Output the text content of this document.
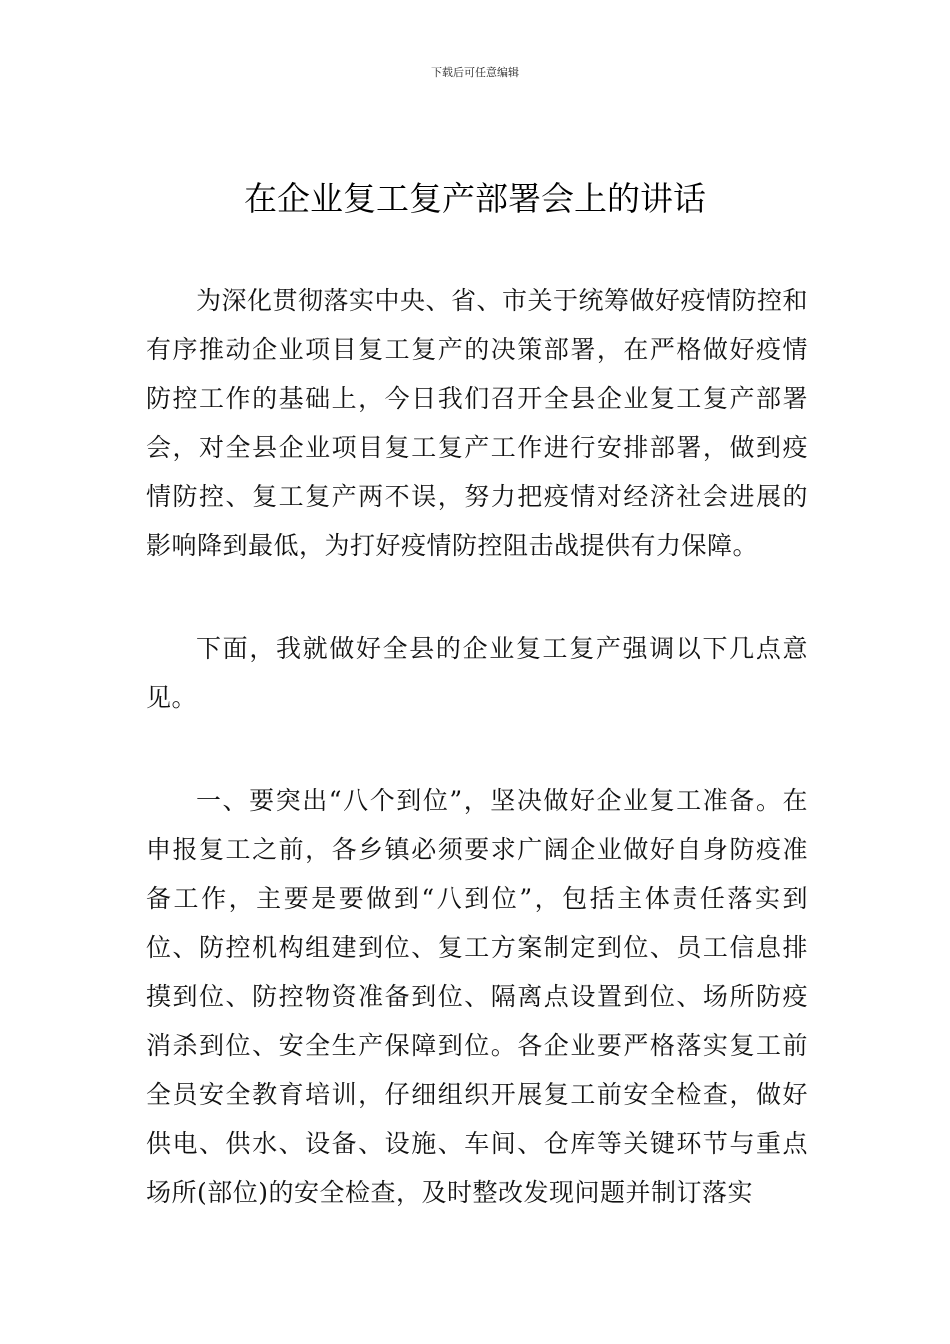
下载后可任意编辑
在企业复工复产部署会上的讲话

为深化贯彻落实中央、省、市关于统筹做好疫情防控和有序推动企业项目复工复产的决策部署，在严格做好疫情防控工作的基础上，今日我们召开全县企业复工复产部署会，对全县企业项目复工复产工作进行安排部署，做到疫情防控、复工复产两不误，努力把疫情对经济社会进展的影响降到最低，为打好疫情防控阻击战提供有力保障。

下面，我就做好全县的企业复工复产强调以下几点意见。

一、要突出“八个到位”，坚决做好企业复工准备。在申报复工之前，各乡镇必须要求广阔企业做好自身防疫准备工作，主要是要做到“八到位”，包括主体责任落实到位、防控机构组建到位、复工方案制定到位、员工信息排摸到位、防控物资准备到位、隔离点设置到位、场所防疫消杀到位、安全生产保障到位。各企业要严格落实复工前全员安全教育培训，仔细组织开展复工前安全检查，做好供电、供水、设备、设施、车间、仓库等关键环节与重点场所(部位)的安全检查，及时整改发现问题并制订落实
